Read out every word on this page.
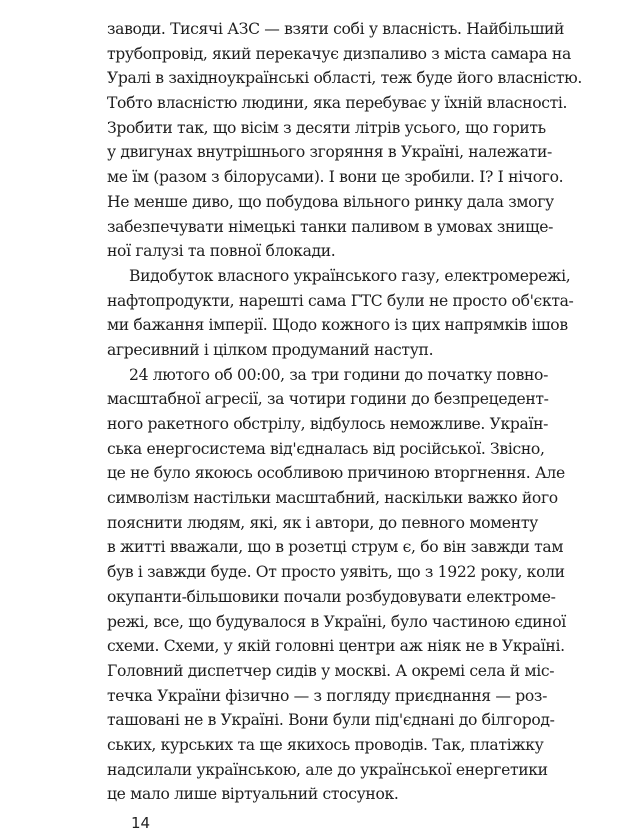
заводи. Тисячі АЗС — взяти собі у власність. Найбільший
трубопровід, який перекачує дизпаливо з міста самара на
Уралі в західноукраїнські області, теж буде його власністю.
Тобто власністю людини, яка перебуває у їхній власності.
Зробити так, що вісім з десяти літрів усього, що горить
у двигунах внутрішнього згоряння в Україні, належати-
ме їм (разом з білорусами). І вони це зробили. І? І нічого.
Не менше диво, що побудова вільного ринку дала змогу
забезпечувати німецькі танки паливом в умовах знище-
ної галузі та повної блокади.
Видобуток власного українського газу, електромережі,
нафтопродукти, нарешті сама ГТС були не просто об'єкта-
ми бажання імперії. Щодо кожного із цих напрямків ішов
агресивний і цілком продуманий наступ.
24 лютого об 00:00, за три години до початку повно-
масштабної агресії, за чотири години до безпрецедент-
ного ракетного обстрілу, відбулось неможливе. Україн-
ська енергосистема від'єдналась від російської. Звісно,
це не було якоюсь особливою причиною вторгнення. Але
символізм настільки масштабний, наскільки важко його
пояснити людям, які, як і автори, до певного моменту
в житті вважали, що в розетці струм є, бо він завжди там
був і завжди буде. От просто уявіть, що з 1922 року, коли
окупанти-більшовики почали розбудовувати електроме-
режі, все, що будувалося в Україні, було частиною єдиної
схеми. Схеми, у якій головні центри аж ніяк не в Україні.
Головний диспетчер сидів у москві. А окремі села й міс-
течка України фізично — з погляду приєднання — роз-
ташовані не в Україні. Вони були під'єднані до білгород-
ських, курських та ще якихось проводів. Так, платіжку
надсилали українською, але до української енергетики
це мало лише віртуальний стосунок.
14
